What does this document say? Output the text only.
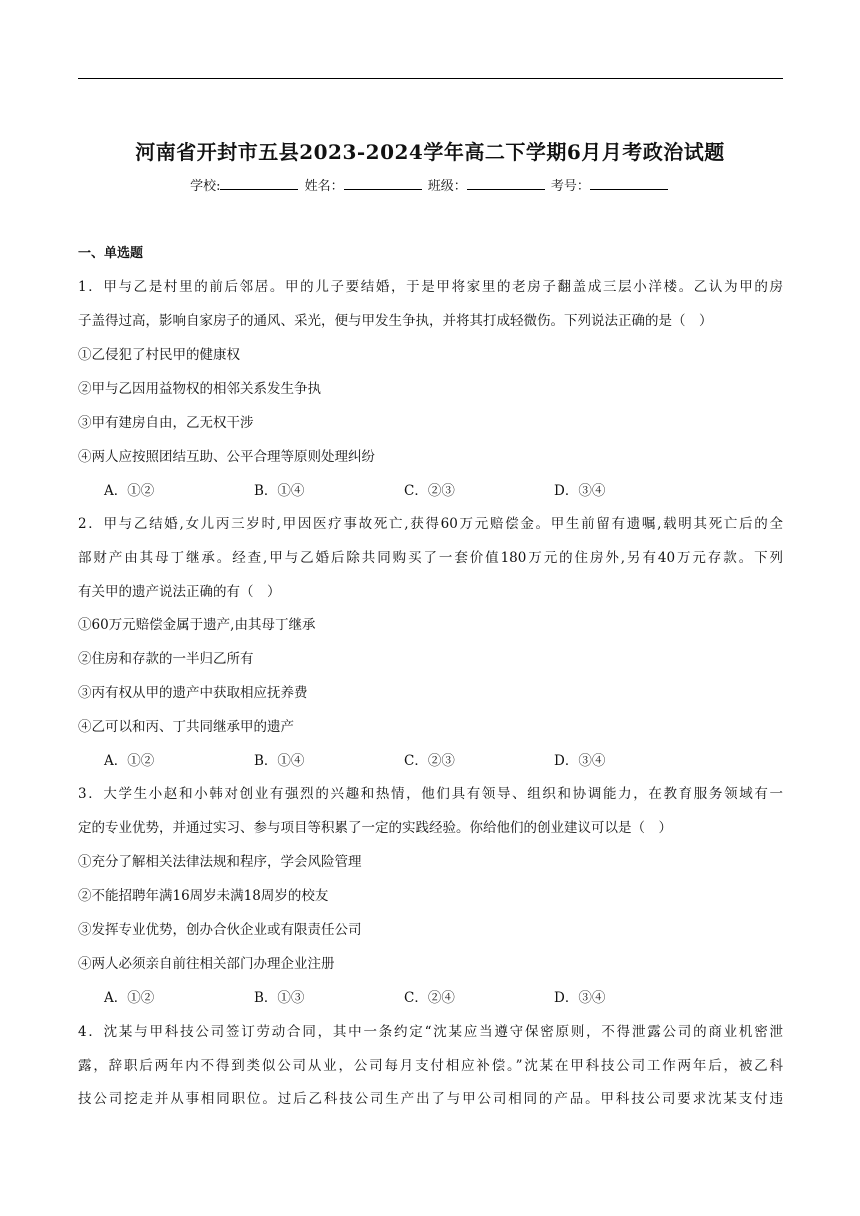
河南省开封市五县2023-2024学年高二下学期6月月考政治试题
学校:	姓名：	班级：	考号：
一、单选题
1．甲与乙是村里的前后邻居。甲的儿子要结婚，于是甲将家里的老房子翻盖成三层小洋楼。乙认为甲的房
子盖得过高，影响自家房子的通风、采光，便与甲发生争执，并将其打成轻微伤。下列说法正确的是（　）
①乙侵犯了村民甲的健康权
②甲与乙因用益物权的相邻关系发生争执
③甲有建房自由，乙无权干涉
④两人应按照团结互助、公平合理等原则处理纠纷
A．①②	B．①④	C．②③	D．③④
2．甲与乙结婚,女儿丙三岁时,甲因医疗事故死亡,获得60万元赔偿金。甲生前留有遗嘱,载明其死亡后的全
部财产由其母丁继承。经查,甲与乙婚后除共同购买了一套价值180万元的住房外,另有40万元存款。下列
有关甲的遗产说法正确的有（　）
①60万元赔偿金属于遗产,由其母丁继承
②住房和存款的一半归乙所有
③丙有权从甲的遗产中获取相应抚养费
④乙可以和丙、丁共同继承甲的遗产
A．①②	B．①④	C．②③	D．③④
3．大学生小赵和小韩对创业有强烈的兴趣和热情，他们具有领导、组织和协调能力，在教育服务领域有一
定的专业优势，并通过实习、参与项目等积累了一定的实践经验。你给他们的创业建议可以是（　）
①充分了解相关法律法规和程序，学会风险管理
②不能招聘年满16周岁未满18周岁的校友
③发挥专业优势，创办合伙企业或有限责任公司
④两人必须亲自前往相关部门办理企业注册
A．①②	B．①③	C．②④	D．③④
4．沈某与甲科技公司签订劳动合同，其中一条约定“沈某应当遵守保密原则，不得泄露公司的商业机密泄
露，辞职后两年内不得到类似公司从业，公司每月支付相应补偿。”沈某在甲科技公司工作两年后，被乙科
技公司挖走并从事相同职位。过后乙科技公司生产出了与甲公司相同的产品。甲科技公司要求沈某支付违
